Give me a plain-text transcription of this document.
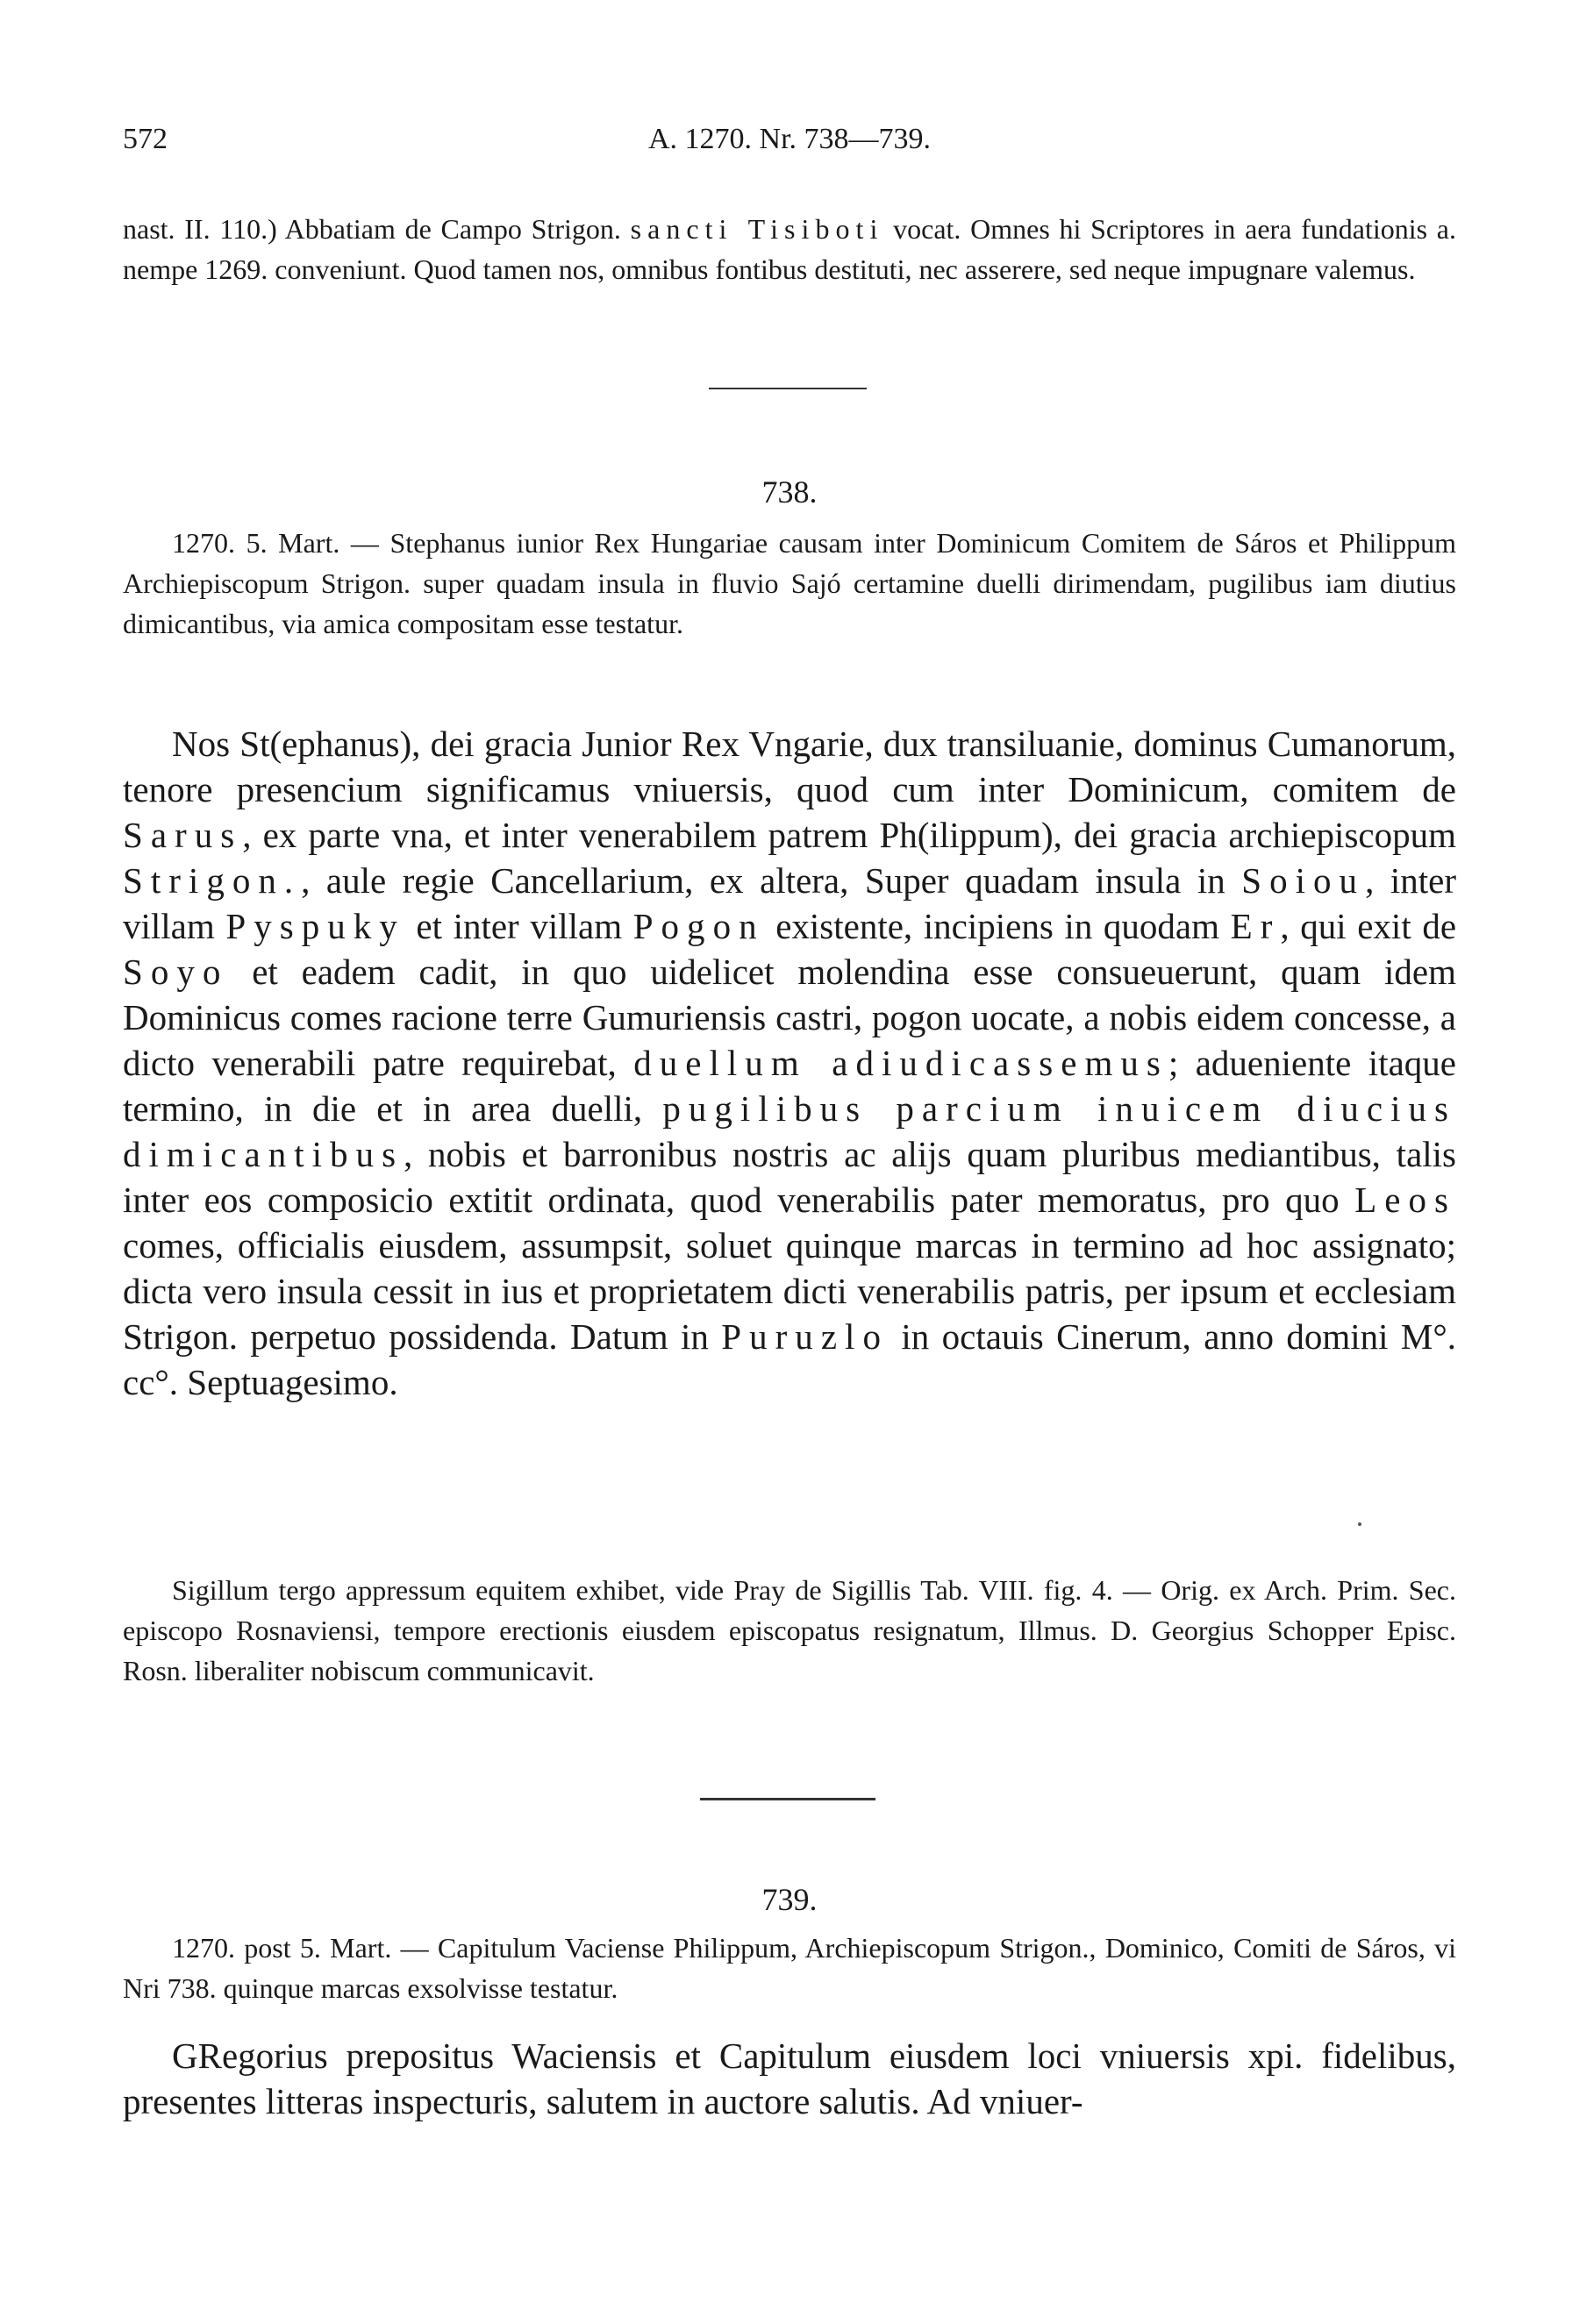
572	A. 1270. Nr. 738—739.
nast. II. 110.) Abbatiam de Campo Strigon. sancti Tisiboti vocat. Omnes hi Scriptores in aera fundationis a. nempe 1269. conveniunt. Quod tamen nos, omnibus fontibus destituti, nec asserere, sed neque impugnare valemus.
738.
1270. 5. Mart. — Stephanus iunior Rex Hungariae causam inter Dominicum Comitem de Sáros et Philippum Archiepiscopum Strigon. super quadam insula in fluvio Sajó certamine duelli dirimendam, pugilibus iam diutius dimicantibus, via amica compositam esse testatur.
Nos St(ephanus), dei gracia Junior Rex Vngarie, dux transiluanie, dominus Cumanorum, tenore presencium significamus vniuersis, quod cum inter Dominicum, comitem de Sarus, ex parte vna, et inter venerabilem patrem Ph(ilippum), dei gracia archiepiscopum Strigon., aule regie Cancellarium, ex altera, Super quadam insula in Soiou, inter villam Pyspuky et inter villam Pogon existente, incipiens in quodam Er, qui exit de Soyo et eadem cadit, in quo uidelicet molendina esse consueuerunt, quam idem Dominicus comes racione terre Gumuriensis castri, pogon uocate, a nobis eidem concesse, a dicto venerabili patre requirebat, duellum adiudicassemus; adueniente itaque termino, in die et in area duelli, pugilibus parcium inuicem diucius dimicantibus, nobis et barronibus nostris ac alijs quam pluribus mediantibus, talis inter eos composicio extitit ordinata, quod venerabilis pater memoratus, pro quo Leos comes, officialis eiusdem, assumpsit, soluet quinque marcas in termino ad hoc assignato; dicta vero insula cessit in ius et proprietatem dicti venerabilis patris, per ipsum et ecclesiam Strigon. perpetuo possidenda. Datum in Puruzlo in octauis Cinerum, anno domini M°. cc°. Septuagesimo.
Sigillum tergo appressum equitem exhibet, vide Pray de Sigillis Tab. VIII. fig. 4. — Orig. ex Arch. Prim. Sec. episcopo Rosnaviensi, tempore erectionis eiusdem episcopatus resignatum, Illmus. D. Georgius Schopper Episc. Rosn. liberaliter nobiscum communicavit.
739.
1270. post 5. Mart. — Capitulum Vaciense Philippum, Archiepiscopum Strigon., Dominico, Comiti de Sáros, vi Nri 738. quinque marcas exsolvisse testatur.
GRegorius prepositus Waciensis et Capitulum eiusdem loci vniuersis xpi. fidelibus, presentes litteras inspecturis, salutem in auctore salutis. Ad vniuer-
